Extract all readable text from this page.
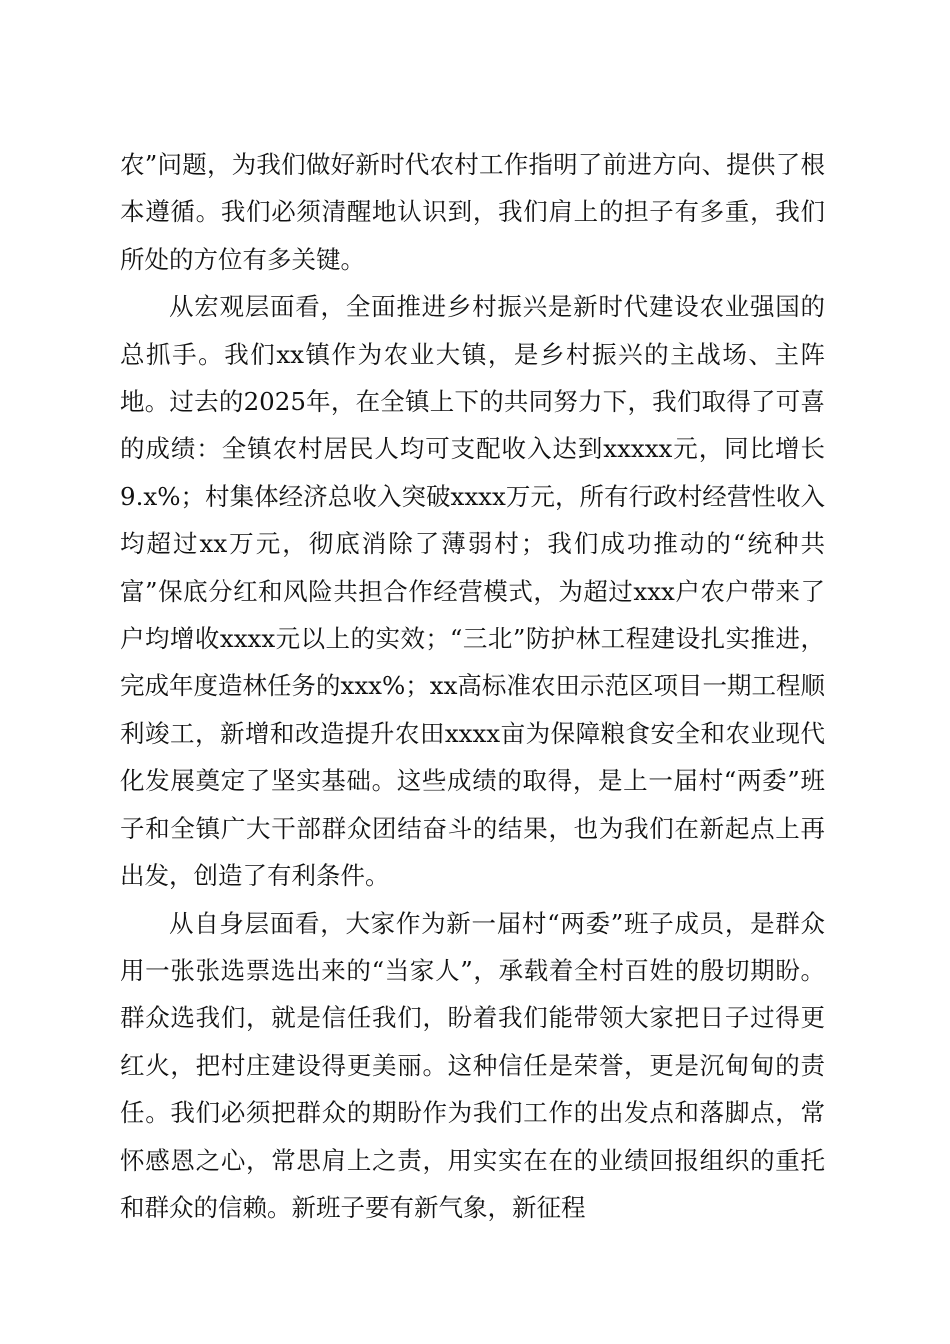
农”问题，为我们做好新时代农村工作指明了前进方向、提供了根本遵循。我们必须清醒地认识到，我们肩上的担子有多重，我们所处的方位有多关键。

从宏观层面看，全面推进乡村振兴是新时代建设农业强国的总抓手。我们xx镇作为农业大镇，是乡村振兴的主战场、主阵地。过去的2025年，在全镇上下的共同努力下，我们取得了可喜的成绩：全镇农村居民人均可支配收入达到xxxxx元，同比增长9.x%；村集体经济总收入突破xxxx万元，所有行政村经营性收入均超过xx万元，彻底消除了薄弱村；我们成功推动的“统种共富”保底分红和风险共担合作经营模式，为超过xxx户农户带来了户均增收xxxx元以上的实效；“三北”防护林工程建设扎实推进，完成年度造林任务的xxx%；xx高标准农田示范区项目一期工程顺利竣工，新增和改造提升农田xxxx亩为保障粮食安全和农业现代化发展奠定了坚实基础。这些成绩的取得，是上一届村“两委”班子和全镇广大干部群众团结奋斗的结果，也为我们在新起点上再出发，创造了有利条件。

从自身层面看，大家作为新一届村“两委”班子成员，是群众用一张张选票选出来的“当家人”，承载着全村百姓的殷切期盼。群众选我们，就是信任我们，盼着我们能带领大家把日子过得更红火，把村庄建设得更美丽。这种信任是荣誉，更是沉甸甸的责任。我们必须把群众的期盼作为我们工作的出发点和落脚点，常怀感恩之心，常思肩上之责，用实实在在的业绩回报组织的重托和群众的信赖。新班子要有新气象，新征程
